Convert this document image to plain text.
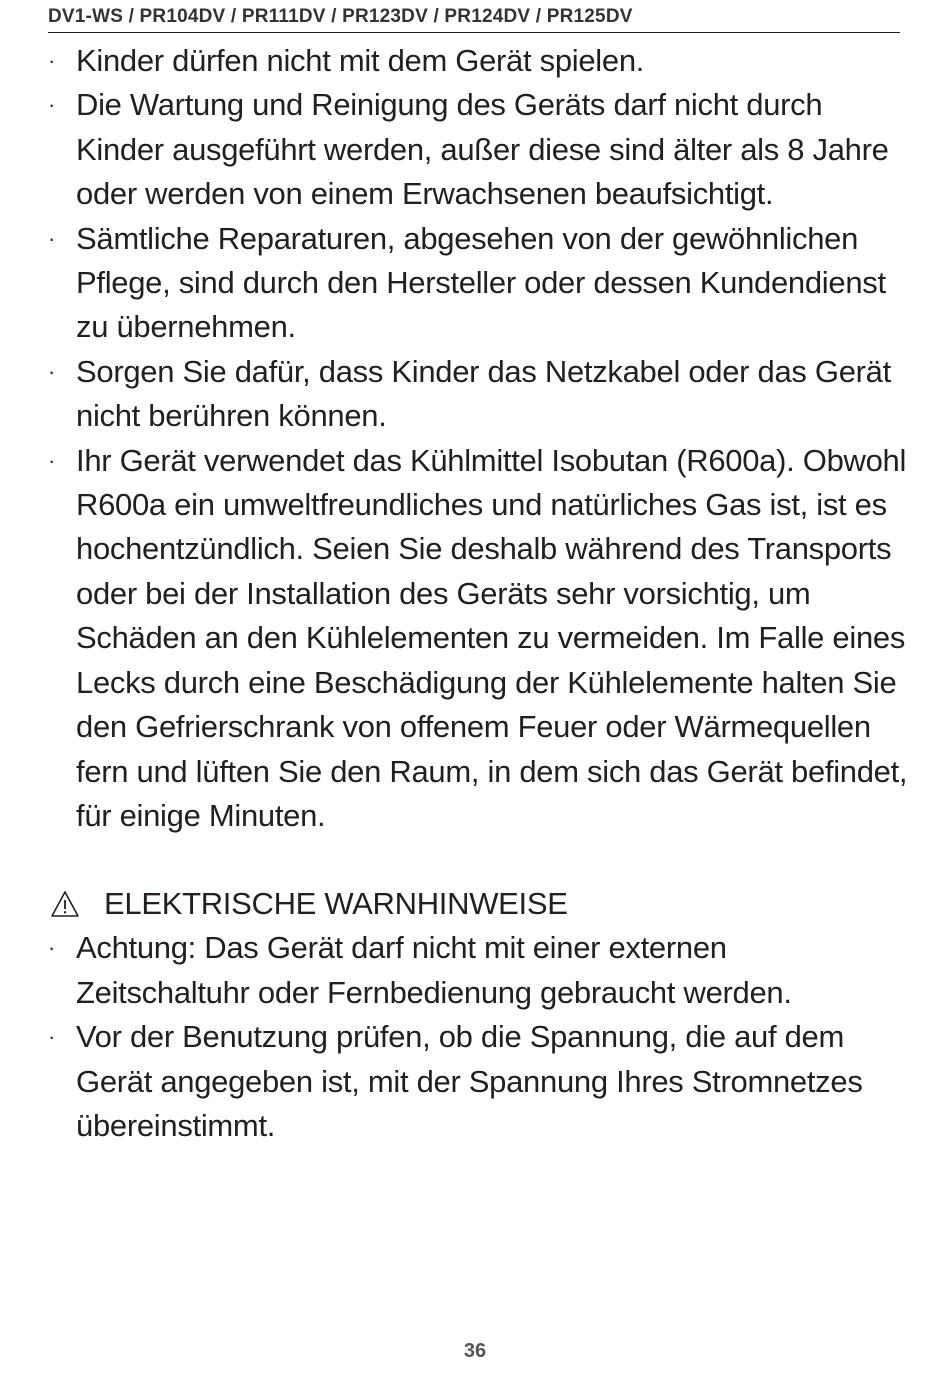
DV1-WS / PR104DV / PR111DV / PR123DV / PR124DV / PR125DV
· Kinder dürfen nicht mit dem Gerät spielen.
· Die Wartung und Reinigung des Geräts darf nicht durch Kinder ausgeführt werden, außer diese sind älter als 8 Jahre oder werden von einem Erwachsenen beaufsichtigt.
· Sämtliche Reparaturen, abgesehen von der gewöhnlichen Pflege, sind durch den Hersteller oder dessen Kundendienst zu übernehmen.
· Sorgen Sie dafür, dass Kinder das Netzkabel oder das Gerät nicht berühren können.
· Ihr Gerät verwendet das Kühlmittel Isobutan (R600a). Obwohl R600a ein umweltfreundliches und natürliches Gas ist, ist es hochentzündlich. Seien Sie deshalb während des Transports oder bei der Installation des Geräts sehr vorsichtig, um Schäden an den Kühlelementen zu vermeiden. Im Falle eines Lecks durch eine Beschädigung der Kühlelemente halten Sie den Gefrierschrank von offenem Feuer oder Wärmequellen fern und lüften Sie den Raum, in dem sich das Gerät befindet, für einige Minuten.
ELEKTRISCHE WARNHINWEISE
· Achtung: Das Gerät darf nicht mit einer externen Zeitschaltuhr oder Fernbedienung gebraucht werden.
· Vor der Benutzung prüfen, ob die Spannung, die auf dem Gerät angegeben ist, mit der Spannung Ihres Stromnetzes übereinstimmt.
36
